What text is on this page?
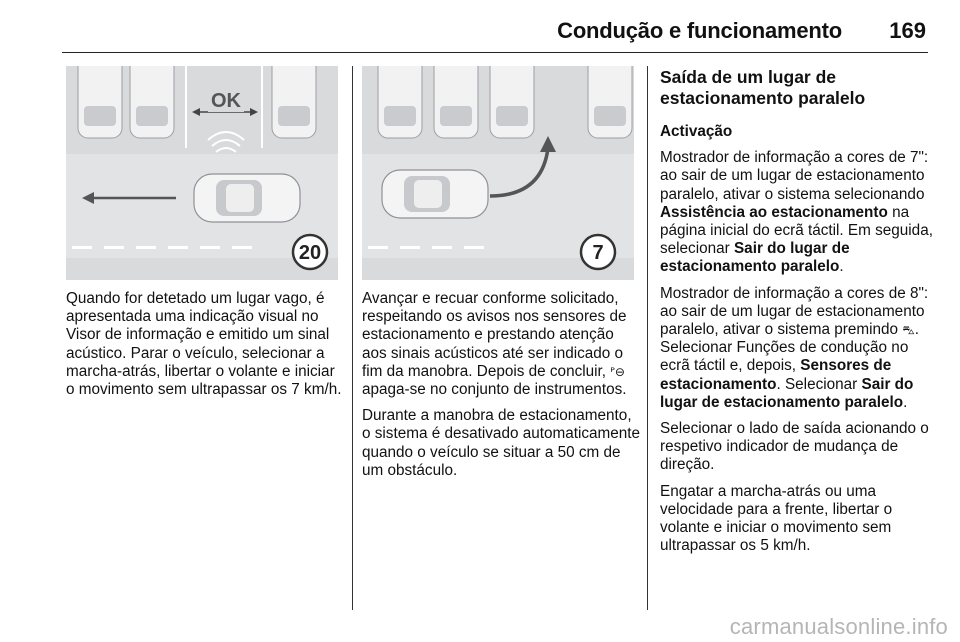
Condução e funcionamento 169
OK
20	7

Quando for detetado um lugar vago, é apresentada uma indicação visual no Visor de informação e emitido um sinal acústico. Parar o veículo, selecionar a marcha-atrás, libertar o volante e iniciar o movimento sem ultrapassar os 7 km/h.

Avançar e recuar conforme solicitado, respeitando os avisos nos sensores de estacionamento e prestando atenção aos sinais acústicos até ser indicado o fim da manobra. Depois de concluir, ᴾ⊖ apaga-se no conjunto de instrumentos.

Durante a manobra de estacionamento, o sistema é desativado automaticamente quando o veículo se situar a 50 cm de um obstáculo.

Saída de um lugar de estacionamento paralelo

Activação

Mostrador de informação a cores de 7": ao sair de um lugar de estacionamento paralelo, ativar o sistema selecionando Assistência ao estacionamento na página inicial do ecrã táctil. Em seguida, selecionar Sair do lugar de estacionamento paralelo.

Mostrador de informação a cores de 8": ao sair de um lugar de estacionamento paralelo, ativar o sistema premindo ⛍. Selecionar Funções de condução no ecrã táctil e, depois, Sensores de estacionamento. Selecionar Sair do lugar de estacionamento paralelo.

Selecionar o lado de saída acionando o respetivo indicador de mudança de direção.

Engatar a marcha-atrás ou uma velocidade para a frente, libertar o volante e iniciar o movimento sem ultrapassar os 5 km/h.

carmanualsonline.info
